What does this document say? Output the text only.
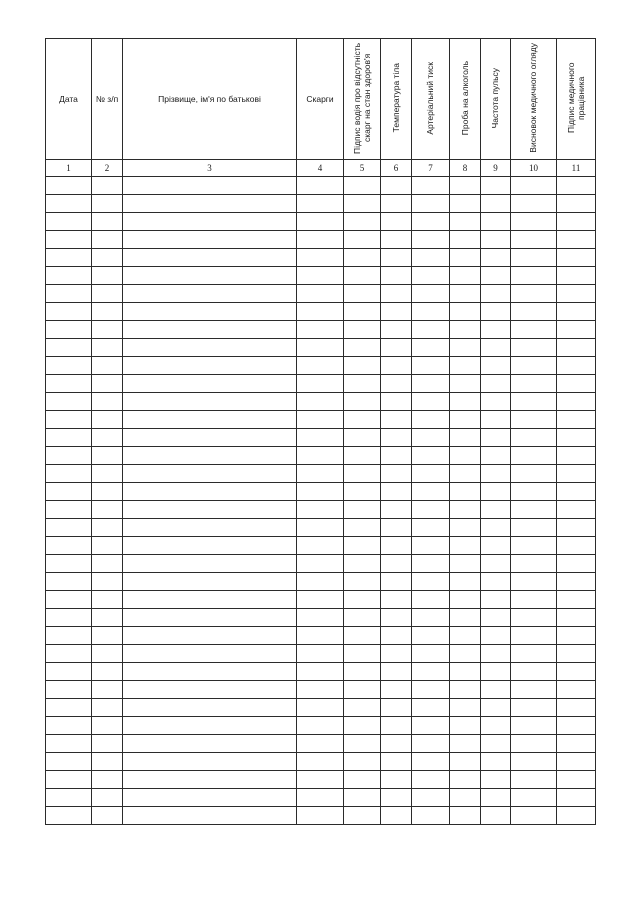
Дата	№ з/п	Прізвище, ім'я по батькові	Скарги	Підпис водія про відсутність скарг на стан здоров'я	Температура тіла	Артеріальний тиск	Проба на алкоголь	Частота пульсу	Висновок медичного огляду	Підпис медичного працівника
1	2	3	4	5	6	7	8	9	10	11
